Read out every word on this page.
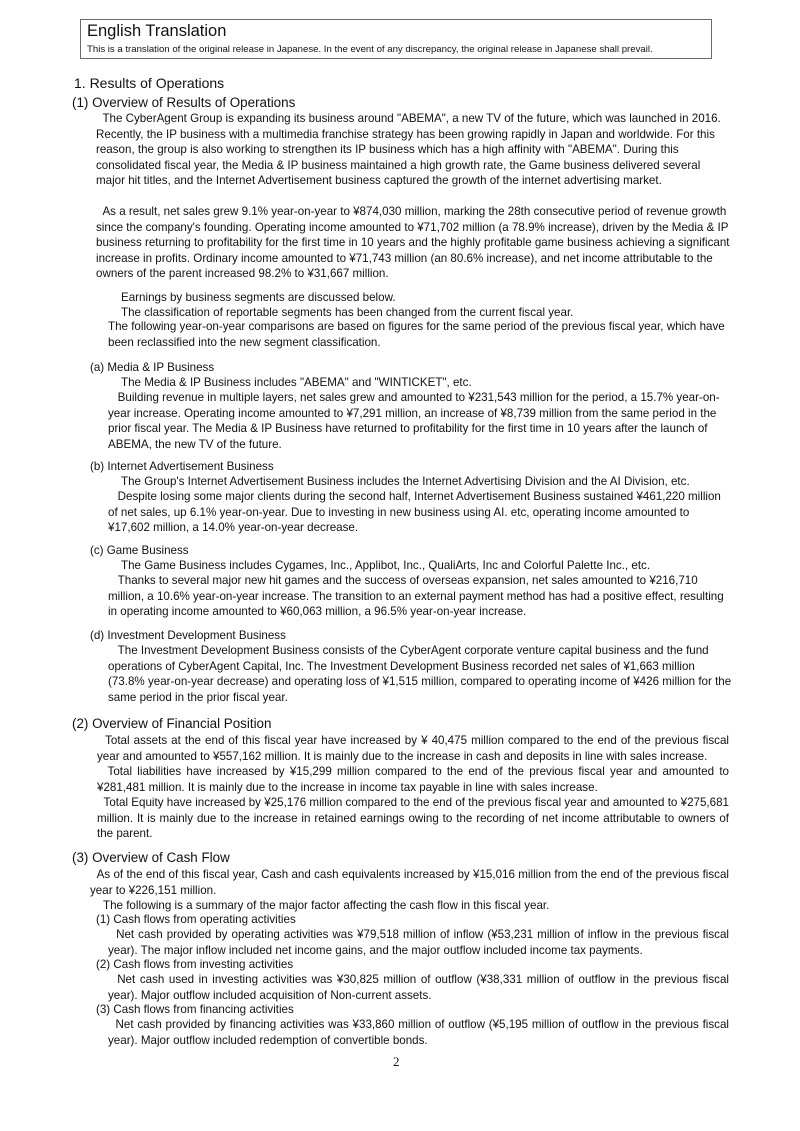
English Translation
This is a translation of the original release in Japanese. In the event of any discrepancy, the original release in Japanese shall prevail.
1. Results of Operations
(1) Overview of Results of Operations

The CyberAgent Group is expanding its business around "ABEMA", a new TV of the future, which was launched in 2016. Recently, the IP business with a multimedia franchise strategy has been growing rapidly in Japan and worldwide. For this reason, the group is also working to strengthen its IP business which has a high affinity with "ABEMA". During this consolidated fiscal year, the Media & IP business maintained a high growth rate, the Game business delivered several major hit titles, and the Internet Advertisement business captured the growth of the internet advertising market.

As a result, net sales grew 9.1% year-on-year to ¥874,030 million, marking the 28th consecutive period of revenue growth since the company's founding. Operating income amounted to ¥71,702 million (a 78.9% increase), driven by the Media & IP business returning to profitability for the first time in 10 years and the highly profitable game business achieving a significant increase in profits. Ordinary income amounted to ¥71,743 million (an 80.6% increase), and net income attributable to the owners of the parent increased 98.2% to ¥31,667 million.

Earnings by business segments are discussed below.
The classification of reportable segments has been changed from the current fiscal year.

The following year-on-year comparisons are based on figures for the same period of the previous fiscal year, which have been reclassified into the new segment classification.

(a) Media & IP Business
The Media & IP Business includes "ABEMA" and "WINTICKET", etc.

Building revenue in multiple layers, net sales grew and amounted to ¥231,543 million for the period, a 15.7% year-on-year increase. Operating income amounted to ¥7,291 million, an increase of ¥8,739 million from the same period in the prior fiscal year. The Media & IP Business have returned to profitability for the first time in 10 years after the launch of ABEMA, the new TV of the future.

(b) Internet Advertisement Business
The Group's Internet Advertisement Business includes the Internet Advertising Division and the AI Division, etc.

Despite losing some major clients during the second half, Internet Advertisement Business sustained ¥461,220 million of net sales, up 6.1% year-on-year. Due to investing in new business using AI. etc, operating income amounted to ¥17,602 million, a 14.0% year-on-year decrease.

(c) Game Business
The Game Business includes Cygames, Inc., Applibot, Inc., QualiArts, Inc and Colorful Palette Inc., etc.

Thanks to several major new hit games and the success of overseas expansion, net sales amounted to ¥216,710 million, a 10.6% year-on-year increase. The transition to an external payment method has had a positive effect, resulting in operating income amounted to ¥60,063 million, a 96.5% year-on-year increase.

(d) Investment Development Business

The Investment Development Business consists of the CyberAgent corporate venture capital business and the fund operations of CyberAgent Capital, Inc. The Investment Development Business recorded net sales of ¥1,663 million (73.8% year-on-year decrease) and operating loss of ¥1,515 million, compared to operating income of ¥426 million for the same period in the prior fiscal year.

(2) Overview of Financial Position

Total assets at the end of this fiscal year have increased by ¥ 40,475 million compared to the end of the previous fiscal year and amounted to ¥557,162 million. It is mainly due to the increase in cash and deposits in line with sales increase.

Total liabilities have increased by ¥15,299 million compared to the end of the previous fiscal year and amounted to ¥281,481 million. It is mainly due to the increase in income tax payable in line with sales increase.

Total Equity have increased by ¥25,176 million compared to the end of the previous fiscal year and amounted to ¥275,681 million. It is mainly due to the increase in retained earnings owing to the recording of net income attributable to owners of the parent.

(3) Overview of Cash Flow

As of the end of this fiscal year, Cash and cash equivalents increased by ¥15,016 million from the end of the previous fiscal year to ¥226,151 million.

The following is a summary of the major factor affecting the cash flow in this fiscal year.
(1) Cash flows from operating activities

Net cash provided by operating activities was ¥79,518 million of inflow (¥53,231 million of inflow in the previous fiscal year). The major inflow included net income gains, and the major outflow included income tax payments.

(2) Cash flows from investing activities

Net cash used in investing activities was ¥30,825 million of outflow (¥38,331 million of outflow in the previous fiscal year). Major outflow included acquisition of Non-current assets.

(3) Cash flows from financing activities

Net cash provided by financing activities was ¥33,860 million of outflow (¥5,195 million of outflow in the previous fiscal year). Major outflow included redemption of convertible bonds.

2
